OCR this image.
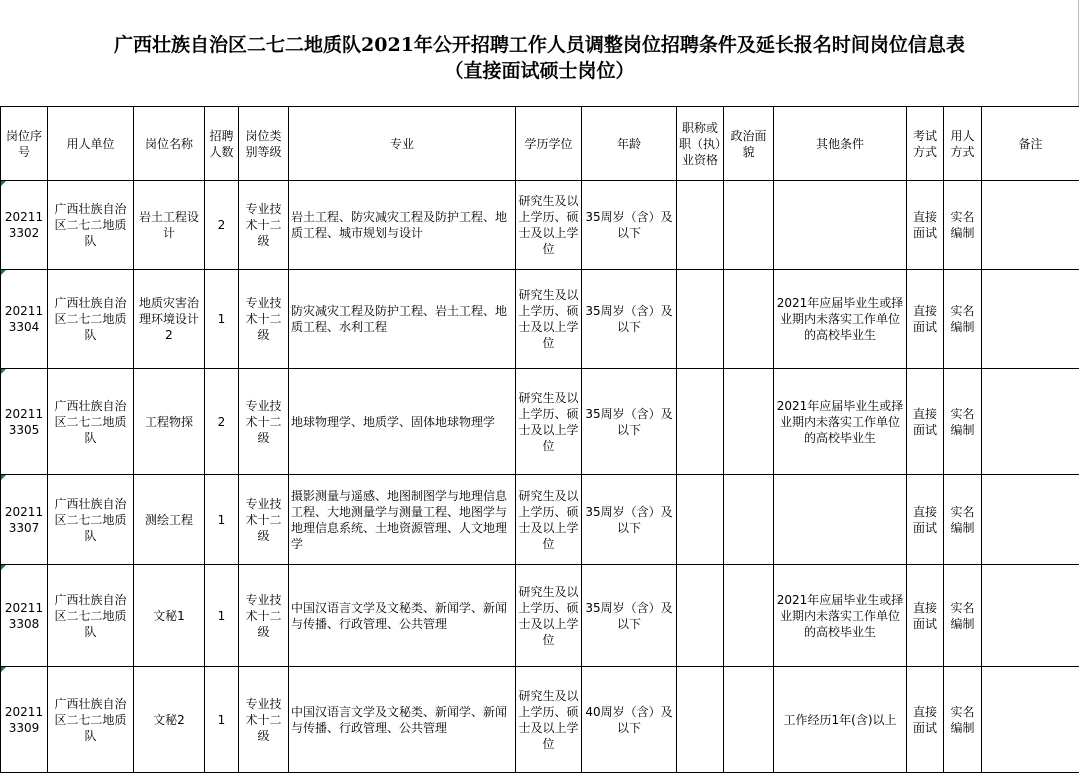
广西壮族自治区二七二地质队2021年公开招聘工作人员调整岗位招聘条件及延长报名时间岗位信息表
（直接面试硕士岗位）
岗位序号	用人单位	岗位名称	招聘人数	岗位类别等级	专业	学历学位	年龄	职称或职（执）业资格	政治面貌	其他条件	考试方式	用人方式	备注

202113302	广西壮族自治区二七二地质队	岩土工程设计	2	专业技术十二级	岩土工程、防灾减灾工程及防护工程、地质工程、城市规划与设计	研究生及以上学历、硕士及以上学位	35周岁（含）及以下				直接面试	实名编制	

202113304	广西壮族自治区二七二地质队	地质灾害治理环境设计2	1	专业技术十二级	防灾减灾工程及防护工程、岩土工程、地质工程、水利工程	研究生及以上学历、硕士及以上学位	35周岁（含）及以下			2021年应届毕业生或择业期内未落实工作单位的高校毕业生	直接面试	实名编制	

202113305	广西壮族自治区二七二地质队	工程物探	2	专业技术十二级	地球物理学、地质学、固体地球物理学	研究生及以上学历、硕士及以上学位	35周岁（含）及以下			2021年应届毕业生或择业期内未落实工作单位的高校毕业生	直接面试	实名编制	

202113307	广西壮族自治区二七二地质队	测绘工程	1	专业技术十二级	摄影测量与遥感、地图制图学与地理信息工程、大地测量学与测量工程、地图学与地理信息系统、土地资源管理、人文地理学	研究生及以上学历、硕士及以上学位	35周岁（含）及以下				直接面试	实名编制	

202113308	广西壮族自治区二七二地质队	文秘1	1	专业技术十二级	中国汉语言文学及文秘类、新闻学、新闻与传播、行政管理、公共管理	研究生及以上学历、硕士及以上学位	35周岁（含）及以下			2021年应届毕业生或择业期内未落实工作单位的高校毕业生	直接面试	实名编制	

202113309	广西壮族自治区二七二地质队	文秘2	1	专业技术十二级	中国汉语言文学及文秘类、新闻学、新闻与传播、行政管理、公共管理	研究生及以上学历、硕士及以上学位	40周岁（含）及以下			工作经历1年(含)以上	直接面试	实名编制	
